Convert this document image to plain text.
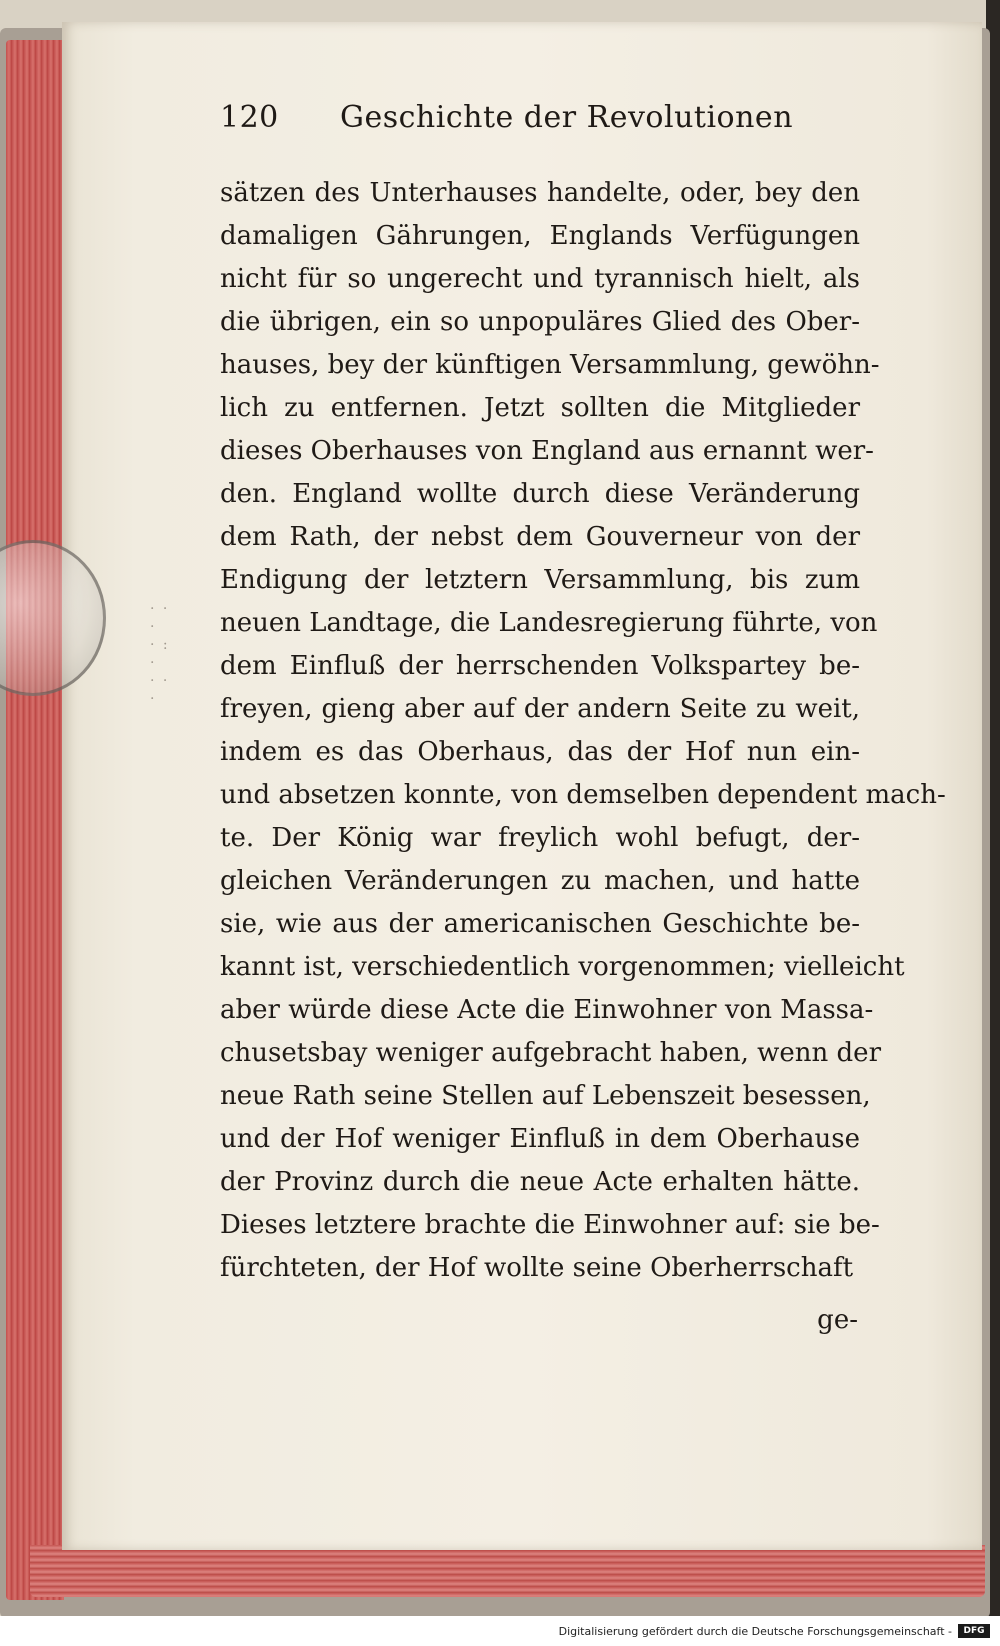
· · ·
· : ·
· · ·
120	Geschichte der Revolutionen
sätzen des Unterhauses handelte, oder, bey den
damaligen Gährungen, Englands Verfügungen
nicht für so ungerecht und tyrannisch hielt, als
die übrigen, ein so unpopuläres Glied des Ober-
hauses, bey der künftigen Versammlung, gewöhn-
lich zu entfernen. Jetzt sollten die Mitglieder
dieses Oberhauses von England aus ernannt wer-
den. England wollte durch diese Veränderung
dem Rath, der nebst dem Gouverneur von der
Endigung der letztern Versammlung, bis zum
neuen Landtage, die Landesregierung führte, von
dem Einfluß der herrschenden Volkspartey be-
freyen, gieng aber auf der andern Seite zu weit,
indem es das Oberhaus, das der Hof nun ein-
und absetzen konnte, von demselben dependent mach-
te. Der König war freylich wohl befugt, der-
gleichen Veränderungen zu machen, und hatte
sie, wie aus der americanischen Geschichte be-
kannt ist, verschiedentlich vorgenommen; vielleicht
aber würde diese Acte die Einwohner von Massa-
chusetsbay weniger aufgebracht haben, wenn der
neue Rath seine Stellen auf Lebenszeit besessen,
und der Hof weniger Einfluß in dem Oberhause
der Provinz durch die neue Acte erhalten hätte.
Dieses letztere brachte die Einwohner auf: sie be-
fürchteten, der Hof wollte seine Oberherrschaft
ge-
Digitalisierung gefördert durch die Deutsche Forschungsgemeinschaft -	DFG
